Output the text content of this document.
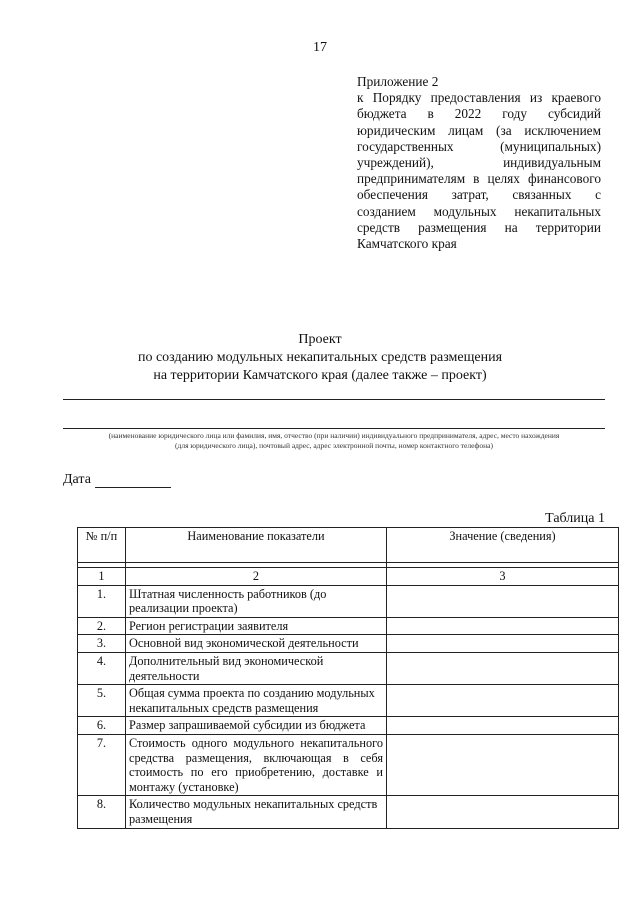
17
Приложение 2
к Порядку предоставления из краевого бюджета в 2022 году субсидий юридическим лицам (за исключением государственных (муниципальных) учреждений), индивидуальным предпринимателям в целях финансового обеспечения затрат, связанных с созданием модульных некапитальных средств размещения на территории Камчатского края
Проект
по созданию модульных некапитальных средств размещения
на территории Камчатского края (далее также – проект)
(наименование юридического лица или фамилия, имя, отчество (при наличии) индивидуального предпринимателя, адрес, место нахождения
(для юридического лица), почтовый адрес, адрес электронной почты, номер контактного телефона)
Дата
Таблица 1
№ п/п	Наименование показатели	Значение (сведения)

1	2	3
1.	Штатная численность работников (до реализации проекта)	
2.	Регион регистрации заявителя	
3.	Основной вид экономической деятельности	
4.	Дополнительный вид экономической деятельности	
5.	Общая сумма проекта по созданию модульных некапитальных средств размещения	
6.	Размер запрашиваемой субсидии из бюджета	
7.	Стоимость одного модульного некапитального средства размещения, включающая в себя стоимость по его приобретению, доставке и монтажу (установке)	
8.	Количество модульных некапитальных средств размещения	
